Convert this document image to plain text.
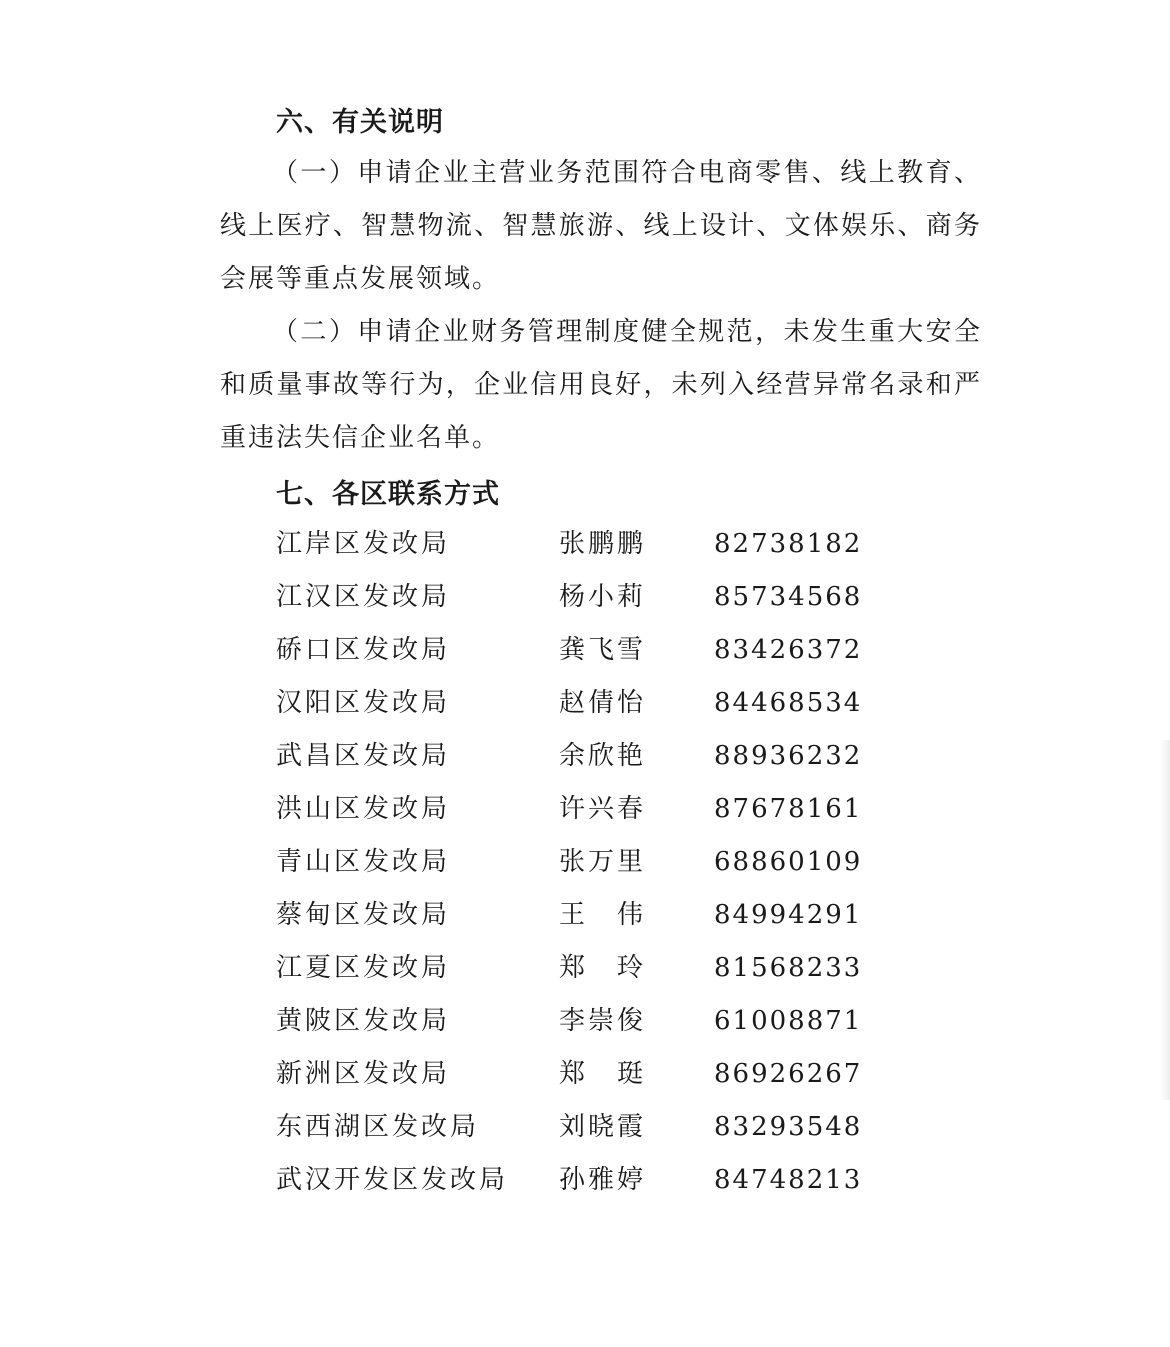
六、有关说明

（一）申请企业主营业务范围符合电商零售、线上教育、线上医疗、智慧物流、智慧旅游、线上设计、文体娱乐、商务会展等重点发展领域。

（二）申请企业财务管理制度健全规范，未发生重大安全和质量事故等行为，企业信用良好，未列入经营异常名录和严重违法失信企业名单。

七、各区联系方式
江岸区发改局	张鹏鹏	82738182
江汉区发改局	杨小莉	85734568
硚口区发改局	龚飞雪	83426372
汉阳区发改局	赵倩怡	84468534
武昌区发改局	余欣艳	88936232
洪山区发改局	许兴春	87678161
青山区发改局	张万里	68860109
蔡甸区发改局	王伟	84994291
江夏区发改局	郑玲	81568233
黄陂区发改局	李崇俊	61008871
新洲区发改局	郑珽	86926267
东西湖区发改局	刘晓霞	83293548
武汉开发区发改局 孙雅婷	84748213
